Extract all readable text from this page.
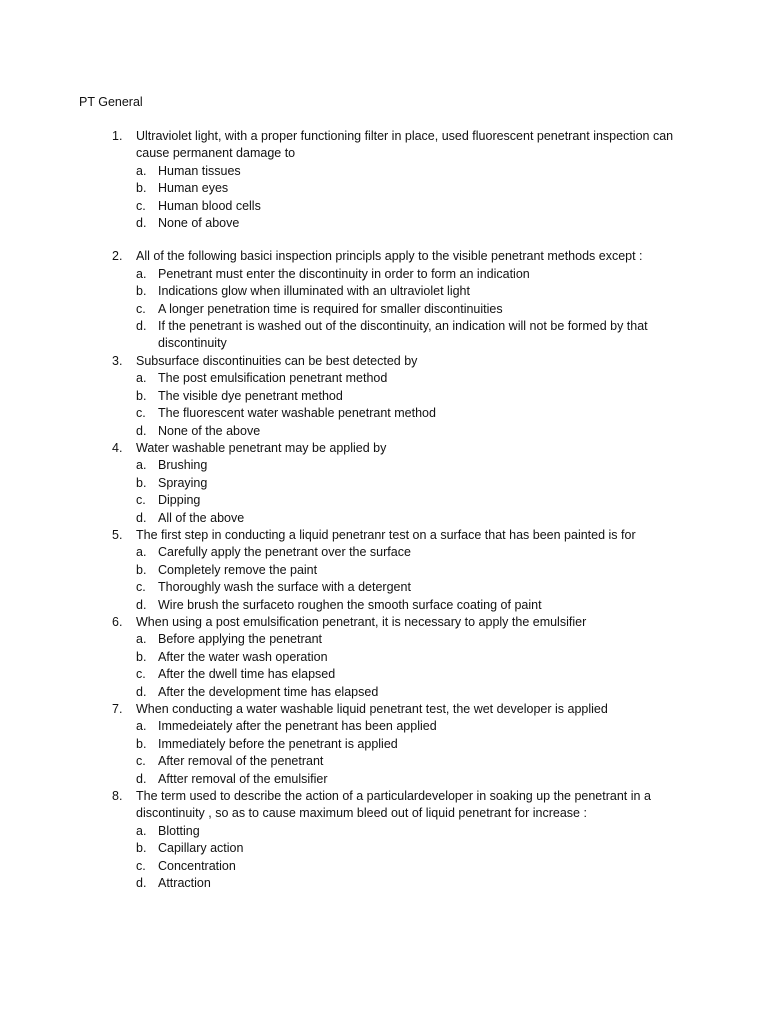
PT General
1.	Ultraviolet light, with a proper functioning filter in place, used fluorescent penetrant inspection can cause permanent damage to
a. Human tissues
b. Human eyes
c. Human blood cells
d. None of above
2.	All of the following basici inspection principls apply to the visible penetrant methods except :
a. Penetrant must enter the discontinuity in order to form an indication
b. Indications glow when illuminated with an ultraviolet light
c. A longer penetration time is required for smaller discontinuities
d. If the penetrant is washed out of the discontinuity, an indication will not be formed by that discontinuity
3.	Subsurface discontinuities can be best detected by
a. The post emulsification penetrant method
b. The visible dye penetrant method
c. The fluorescent water washable penetrant method
d. None of the above
4.	Water washable penetrant may be applied by
a. Brushing
b. Spraying
c. Dipping
d. All of the above
5.	The first step in conducting a liquid penetranr test on a surface that has been painted is for
a. Carefully apply the penetrant over the surface
b. Completely remove the paint
c. Thoroughly wash the surface with a detergent
d. Wire brush the surfaceto roughen the smooth surface coating of paint
6.	When using a post emulsification penetrant, it is necessary to apply the emulsifier
a. Before applying the penetrant
b. After the water wash operation
c. After the dwell time has elapsed
d. After the development time has elapsed
7.	When conducting a water washable liquid penetrant test, the wet developer is applied
a. Immedeiately after the penetrant has been applied
b. Immediately before the penetrant is applied
c. After removal of the penetrant
d. Aftter removal of the emulsifier
8.	The term used to describe the action of a particulardeveloper in soaking up the penetrant in a discontinuity , so as to cause maximum bleed out of liquid penetrant for increase :
a. Blotting
b. Capillary action
c. Concentration
d. Attraction
